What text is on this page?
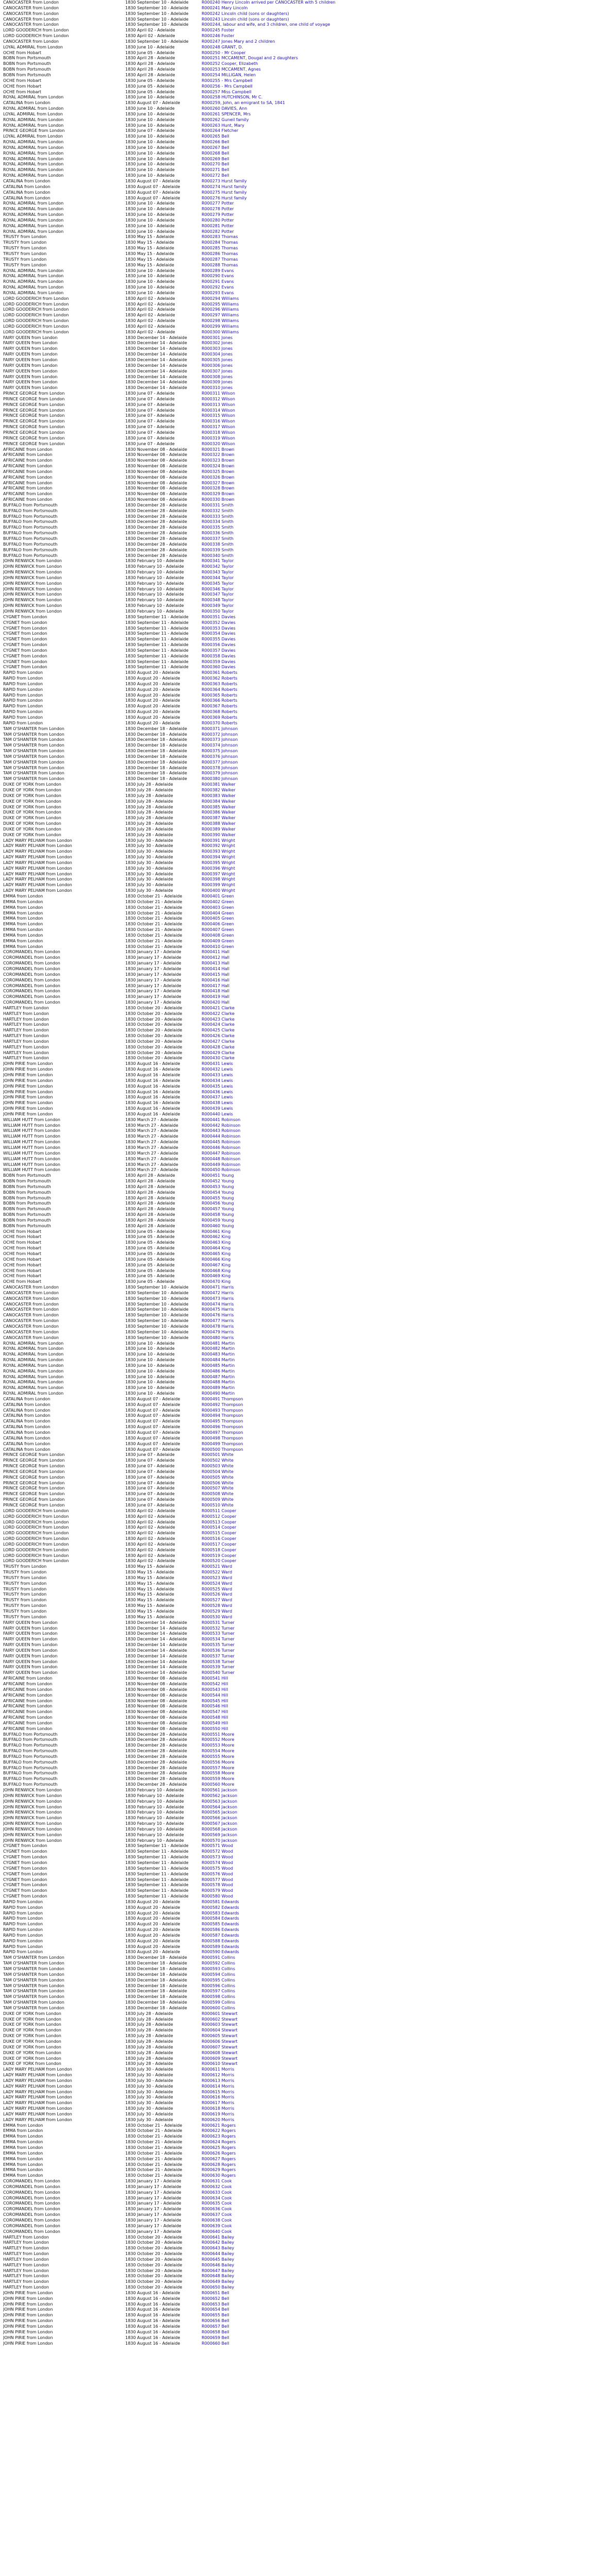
CANOCASTER from London	1830 September 10 - Adelaide	R000240 Henry Lincoln arrived per CANOCASTER with 5 children
CANOCASTER from London	1830 September 10 - Adelaide	R000241 Mary Lincoln
CANOCASTER from London	1830 September 10 - Adelaide	R000242 Lincoln child (sons or daughters)
CANOCASTER from London	1830 September 10 - Adelaide	R000243 Lincoln child (sons or daughters)
CANOCASTER from London	1830 September 10 - Adelaide	R000244, labour and wife, and 3 children, one child of voyage
LORD GOODERICH from London	1830 April 02 - Adelaide	R000245 Foster
LORD GOODERICH from London	1830 April 02 - Adelaide	R000246 Foster
CANOCASTER from London	1830 September 10 - Adelaide	R000247 Jones Mary and 2 children
LOYAL ADMIRAL from London	1830 June 10 - Adelaide	R000248 GRANT, D.
OCHE from Hobart	1830 June 05 - Adelaide	R000250 - Mr Cooper
BOBN from Portsmouth	1830 April 28 - Adelaide	R000251 MCCAMENT, Dougal and 2 daughters
BOBN from Portsmouth	1830 April 28 - Adelaide	R000252 Cooper, Elizabeth
BOBN from Portsmouth	1830 April 28 - Adelaide	R000253 MCCAMENT, Agnes
BOBN from Portsmouth	1830 April 28 - Adelaide	R000254 MILLIGAN, Helen
OCHE from Hobart	1830 June 05 - Adelaide	R000255 - Mrs Campbell
OCHE from Hobart	1830 June 05 - Adelaide	R000256 - Mrs Campbell
OCHE from Hobart	1830 June 05 - Adelaide	R000257 Miss Campbell
ROYAL ADMIRAL from London	1830 June 10 - Adelaide	R000258 HUTCHINSON, Mr C.
CATALINA from London	1830 August 07 - Adelaide	R000259, John, an emigrant to SA, 1841
ROYAL ADMIRAL from London	1830 June 10 - Adelaide	R000260 DAVIES, Ann
LOYAL ADMIRAL from London	1830 June 10 - Adelaide	R000261 SPENCER, Mrs
ROYAL ADMIRAL from London	1830 June 10 - Adelaide	R000262 Guneil family
ROYAL ADMIRAL from London	1830 June 10 - Adelaide	R000263 Hunt, Mary
PRINCE GEORGE from London	1830 June 07 - Adelaide	R000264 Fletcher
LOYAL ADMIRAL from London	1830 June 10 - Adelaide	R000265 Bell
ROYAL ADMIRAL from London	1830 June 10 - Adelaide	R000266 Bell
ROYAL ADMIRAL from London	1830 June 10 - Adelaide	R000267 Bell
ROYAL ADMIRAL from London	1830 June 10 - Adelaide	R000268 Bell
ROYAL ADMIRAL from London	1830 June 10 - Adelaide	R000269 Bell
ROYAL ADMIRAL from London	1830 June 10 - Adelaide	R000270 Bell
ROYAL ADMIRAL from London	1830 June 10 - Adelaide	R000271 Bell
ROYAL ADMIRAL from London	1830 June 10 - Adelaide	R000272 Bell
CATALINA from London	1830 August 07 - Adelaide	R000273 Hurst family
CATALINA from London	1830 August 07 - Adelaide	R000274 Hurst family
CATALINA from London	1830 August 07 - Adelaide	R000275 Hurst family
CATALINA from London	1830 August 07 - Adelaide	R000276 Hurst family
ROYAL ADMIRAL from London	1830 June 10 - Adelaide	R000277 Potter
ROYAL ADMIRAL from London	1830 June 10 - Adelaide	R000278 Potter
ROYAL ADMIRAL from London	1830 June 10 - Adelaide	R000279 Potter
ROYAL ADMIRAL from London	1830 June 10 - Adelaide	R000280 Potter
ROYAL ADMIRAL from London	1830 June 10 - Adelaide	R000281 Potter
ROYAL ADMIRAL from London	1830 June 10 - Adelaide	R000282 Potter
TRUSTY from London	1830 May 15 - Adelaide	R000283 Thomas
TRUSTY from London	1830 May 15 - Adelaide	R000284 Thomas
TRUSTY from London	1830 May 15 - Adelaide	R000285 Thomas
TRUSTY from London	1830 May 15 - Adelaide	R000286 Thomas
TRUSTY from London	1830 May 15 - Adelaide	R000287 Thomas
TRUSTY from London	1830 May 15 - Adelaide	R000288 Thomas
ROYAL ADMIRAL from London	1830 June 10 - Adelaide	R000289 Evans
ROYAL ADMIRAL from London	1830 June 10 - Adelaide	R000290 Evans
ROYAL ADMIRAL from London	1830 June 10 - Adelaide	R000291 Evans
ROYAL ADMIRAL from London	1830 June 10 - Adelaide	R000292 Evans
ROYAL ADMIRAL from London	1830 June 10 - Adelaide	R000293 Evans
LORD GOODERICH from London	1830 April 02 - Adelaide	R000294 Williams
LORD GOODERICH from London	1830 April 02 - Adelaide	R000295 Williams
LORD GOODERICH from London	1830 April 02 - Adelaide	R000296 Williams
LORD GOODERICH from London	1830 April 02 - Adelaide	R000297 Williams
LORD GOODERICH from London	1830 April 02 - Adelaide	R000298 Williams
LORD GOODERICH from London	1830 April 02 - Adelaide	R000299 Williams
LORD GOODERICH from London	1830 April 02 - Adelaide	R000300 Williams
FAIRY QUEEN from London	1830 December 14 - Adelaide	R000301 Jones
FAIRY QUEEN from London	1830 December 14 - Adelaide	R000302 Jones
FAIRY QUEEN from London	1830 December 14 - Adelaide	R000303 Jones
FAIRY QUEEN from London	1830 December 14 - Adelaide	R000304 Jones
FAIRY QUEEN from London	1830 December 14 - Adelaide	R000305 Jones
FAIRY QUEEN from London	1830 December 14 - Adelaide	R000306 Jones
FAIRY QUEEN from London	1830 December 14 - Adelaide	R000307 Jones
FAIRY QUEEN from London	1830 December 14 - Adelaide	R000308 Jones
FAIRY QUEEN from London	1830 December 14 - Adelaide	R000309 Jones
FAIRY QUEEN from London	1830 December 14 - Adelaide	R000310 Jones
PRINCE GEORGE from London	1830 June 07 - Adelaide	R000311 Wilson
PRINCE GEORGE from London	1830 June 07 - Adelaide	R000312 Wilson
PRINCE GEORGE from London	1830 June 07 - Adelaide	R000313 Wilson
PRINCE GEORGE from London	1830 June 07 - Adelaide	R000314 Wilson
PRINCE GEORGE from London	1830 June 07 - Adelaide	R000315 Wilson
PRINCE GEORGE from London	1830 June 07 - Adelaide	R000316 Wilson
PRINCE GEORGE from London	1830 June 07 - Adelaide	R000317 Wilson
PRINCE GEORGE from London	1830 June 07 - Adelaide	R000318 Wilson
PRINCE GEORGE from London	1830 June 07 - Adelaide	R000319 Wilson
PRINCE GEORGE from London	1830 June 07 - Adelaide	R000320 Wilson
AFRICAINE from London	1830 November 08 - Adelaide	R000321 Brown
AFRICAINE from London	1830 November 08 - Adelaide	R000322 Brown
AFRICAINE from London	1830 November 08 - Adelaide	R000323 Brown
AFRICAINE from London	1830 November 08 - Adelaide	R000324 Brown
AFRICAINE from London	1830 November 08 - Adelaide	R000325 Brown
AFRICAINE from London	1830 November 08 - Adelaide	R000326 Brown
AFRICAINE from London	1830 November 08 - Adelaide	R000327 Brown
AFRICAINE from London	1830 November 08 - Adelaide	R000328 Brown
AFRICAINE from London	1830 November 08 - Adelaide	R000329 Brown
AFRICAINE from London	1830 November 08 - Adelaide	R000330 Brown
BUFFALO from Portsmouth	1830 December 28 - Adelaide	R000331 Smith
BUFFALO from Portsmouth	1830 December 28 - Adelaide	R000332 Smith
BUFFALO from Portsmouth	1830 December 28 - Adelaide	R000333 Smith
BUFFALO from Portsmouth	1830 December 28 - Adelaide	R000334 Smith
BUFFALO from Portsmouth	1830 December 28 - Adelaide	R000335 Smith
BUFFALO from Portsmouth	1830 December 28 - Adelaide	R000336 Smith
BUFFALO from Portsmouth	1830 December 28 - Adelaide	R000337 Smith
BUFFALO from Portsmouth	1830 December 28 - Adelaide	R000338 Smith
BUFFALO from Portsmouth	1830 December 28 - Adelaide	R000339 Smith
BUFFALO from Portsmouth	1830 December 28 - Adelaide	R000340 Smith
JOHN RENWICK from London	1830 February 10 - Adelaide	R000341 Taylor
JOHN RENWICK from London	1830 February 10 - Adelaide	R000342 Taylor
JOHN RENWICK from London	1830 February 10 - Adelaide	R000343 Taylor
JOHN RENWICK from London	1830 February 10 - Adelaide	R000344 Taylor
JOHN RENWICK from London	1830 February 10 - Adelaide	R000345 Taylor
JOHN RENWICK from London	1830 February 10 - Adelaide	R000346 Taylor
JOHN RENWICK from London	1830 February 10 - Adelaide	R000347 Taylor
JOHN RENWICK from London	1830 February 10 - Adelaide	R000348 Taylor
JOHN RENWICK from London	1830 February 10 - Adelaide	R000349 Taylor
JOHN RENWICK from London	1830 February 10 - Adelaide	R000350 Taylor
CYGNET from London	1830 September 11 - Adelaide	R000351 Davies
CYGNET from London	1830 September 11 - Adelaide	R000352 Davies
CYGNET from London	1830 September 11 - Adelaide	R000353 Davies
CYGNET from London	1830 September 11 - Adelaide	R000354 Davies
CYGNET from London	1830 September 11 - Adelaide	R000355 Davies
CYGNET from London	1830 September 11 - Adelaide	R000356 Davies
CYGNET from London	1830 September 11 - Adelaide	R000357 Davies
CYGNET from London	1830 September 11 - Adelaide	R000358 Davies
CYGNET from London	1830 September 11 - Adelaide	R000359 Davies
CYGNET from London	1830 September 11 - Adelaide	R000360 Davies
RAPID from London	1830 August 20 - Adelaide	R000361 Roberts
RAPID from London	1830 August 20 - Adelaide	R000362 Roberts
RAPID from London	1830 August 20 - Adelaide	R000363 Roberts
RAPID from London	1830 August 20 - Adelaide	R000364 Roberts
RAPID from London	1830 August 20 - Adelaide	R000365 Roberts
RAPID from London	1830 August 20 - Adelaide	R000366 Roberts
RAPID from London	1830 August 20 - Adelaide	R000367 Roberts
RAPID from London	1830 August 20 - Adelaide	R000368 Roberts
RAPID from London	1830 August 20 - Adelaide	R000369 Roberts
RAPID from London	1830 August 20 - Adelaide	R000370 Roberts
TAM O'SHANTER from London	1830 December 18 - Adelaide	R000371 Johnson
TAM O'SHANTER from London	1830 December 18 - Adelaide	R000372 Johnson
TAM O'SHANTER from London	1830 December 18 - Adelaide	R000373 Johnson
TAM O'SHANTER from London	1830 December 18 - Adelaide	R000374 Johnson
TAM O'SHANTER from London	1830 December 18 - Adelaide	R000375 Johnson
TAM O'SHANTER from London	1830 December 18 - Adelaide	R000376 Johnson
TAM O'SHANTER from London	1830 December 18 - Adelaide	R000377 Johnson
TAM O'SHANTER from London	1830 December 18 - Adelaide	R000378 Johnson
TAM O'SHANTER from London	1830 December 18 - Adelaide	R000379 Johnson
TAM O'SHANTER from London	1830 December 18 - Adelaide	R000380 Johnson
DUKE OF YORK from London	1830 July 28 - Adelaide	R000381 Walker
DUKE OF YORK from London	1830 July 28 - Adelaide	R000382 Walker
DUKE OF YORK from London	1830 July 28 - Adelaide	R000383 Walker
DUKE OF YORK from London	1830 July 28 - Adelaide	R000384 Walker
DUKE OF YORK from London	1830 July 28 - Adelaide	R000385 Walker
DUKE OF YORK from London	1830 July 28 - Adelaide	R000386 Walker
DUKE OF YORK from London	1830 July 28 - Adelaide	R000387 Walker
DUKE OF YORK from London	1830 July 28 - Adelaide	R000388 Walker
DUKE OF YORK from London	1830 July 28 - Adelaide	R000389 Walker
DUKE OF YORK from London	1830 July 28 - Adelaide	R000390 Walker
LADY MARY PELHAM from London	1830 July 30 - Adelaide	R000391 Wright
LADY MARY PELHAM from London	1830 July 30 - Adelaide	R000392 Wright
LADY MARY PELHAM from London	1830 July 30 - Adelaide	R000393 Wright
LADY MARY PELHAM from London	1830 July 30 - Adelaide	R000394 Wright
LADY MARY PELHAM from London	1830 July 30 - Adelaide	R000395 Wright
LADY MARY PELHAM from London	1830 July 30 - Adelaide	R000396 Wright
LADY MARY PELHAM from London	1830 July 30 - Adelaide	R000397 Wright
LADY MARY PELHAM from London	1830 July 30 - Adelaide	R000398 Wright
LADY MARY PELHAM from London	1830 July 30 - Adelaide	R000399 Wright
LADY MARY PELHAM from London	1830 July 30 - Adelaide	R000400 Wright
EMMA from London	1830 October 21 - Adelaide	R000401 Green
EMMA from London	1830 October 21 - Adelaide	R000402 Green
EMMA from London	1830 October 21 - Adelaide	R000403 Green
EMMA from London	1830 October 21 - Adelaide	R000404 Green
EMMA from London	1830 October 21 - Adelaide	R000405 Green
EMMA from London	1830 October 21 - Adelaide	R000406 Green
EMMA from London	1830 October 21 - Adelaide	R000407 Green
EMMA from London	1830 October 21 - Adelaide	R000408 Green
EMMA from London	1830 October 21 - Adelaide	R000409 Green
EMMA from London	1830 October 21 - Adelaide	R000410 Green
COROMANDEL from London	1830 January 17 - Adelaide	R000411 Hall
COROMANDEL from London	1830 January 17 - Adelaide	R000412 Hall
COROMANDEL from London	1830 January 17 - Adelaide	R000413 Hall
COROMANDEL from London	1830 January 17 - Adelaide	R000414 Hall
COROMANDEL from London	1830 January 17 - Adelaide	R000415 Hall
COROMANDEL from London	1830 January 17 - Adelaide	R000416 Hall
COROMANDEL from London	1830 January 17 - Adelaide	R000417 Hall
COROMANDEL from London	1830 January 17 - Adelaide	R000418 Hall
COROMANDEL from London	1830 January 17 - Adelaide	R000419 Hall
COROMANDEL from London	1830 January 17 - Adelaide	R000420 Hall
HARTLEY from London	1830 October 20 - Adelaide	R000421 Clarke
HARTLEY from London	1830 October 20 - Adelaide	R000422 Clarke
HARTLEY from London	1830 October 20 - Adelaide	R000423 Clarke
HARTLEY from London	1830 October 20 - Adelaide	R000424 Clarke
HARTLEY from London	1830 October 20 - Adelaide	R000425 Clarke
HARTLEY from London	1830 October 20 - Adelaide	R000426 Clarke
HARTLEY from London	1830 October 20 - Adelaide	R000427 Clarke
HARTLEY from London	1830 October 20 - Adelaide	R000428 Clarke
HARTLEY from London	1830 October 20 - Adelaide	R000429 Clarke
HARTLEY from London	1830 October 20 - Adelaide	R000430 Clarke
JOHN PIRIE from London	1830 August 16 - Adelaide	R000431 Lewis
JOHN PIRIE from London	1830 August 16 - Adelaide	R000432 Lewis
JOHN PIRIE from London	1830 August 16 - Adelaide	R000433 Lewis
JOHN PIRIE from London	1830 August 16 - Adelaide	R000434 Lewis
JOHN PIRIE from London	1830 August 16 - Adelaide	R000435 Lewis
JOHN PIRIE from London	1830 August 16 - Adelaide	R000436 Lewis
JOHN PIRIE from London	1830 August 16 - Adelaide	R000437 Lewis
JOHN PIRIE from London	1830 August 16 - Adelaide	R000438 Lewis
JOHN PIRIE from London	1830 August 16 - Adelaide	R000439 Lewis
JOHN PIRIE from London	1830 August 16 - Adelaide	R000440 Lewis
WILLIAM HUTT from London	1830 March 27 - Adelaide	R000441 Robinson
WILLIAM HUTT from London	1830 March 27 - Adelaide	R000442 Robinson
WILLIAM HUTT from London	1830 March 27 - Adelaide	R000443 Robinson
WILLIAM HUTT from London	1830 March 27 - Adelaide	R000444 Robinson
WILLIAM HUTT from London	1830 March 27 - Adelaide	R000445 Robinson
WILLIAM HUTT from London	1830 March 27 - Adelaide	R000446 Robinson
WILLIAM HUTT from London	1830 March 27 - Adelaide	R000447 Robinson
WILLIAM HUTT from London	1830 March 27 - Adelaide	R000448 Robinson
WILLIAM HUTT from London	1830 March 27 - Adelaide	R000449 Robinson
WILLIAM HUTT from London	1830 March 27 - Adelaide	R000450 Robinson
BOBN from Portsmouth	1830 April 28 - Adelaide	R000451 Young
BOBN from Portsmouth	1830 April 28 - Adelaide	R000452 Young
BOBN from Portsmouth	1830 April 28 - Adelaide	R000453 Young
BOBN from Portsmouth	1830 April 28 - Adelaide	R000454 Young
BOBN from Portsmouth	1830 April 28 - Adelaide	R000455 Young
BOBN from Portsmouth	1830 April 28 - Adelaide	R000456 Young
BOBN from Portsmouth	1830 April 28 - Adelaide	R000457 Young
BOBN from Portsmouth	1830 April 28 - Adelaide	R000458 Young
BOBN from Portsmouth	1830 April 28 - Adelaide	R000459 Young
BOBN from Portsmouth	1830 April 28 - Adelaide	R000460 Young
OCHE from Hobart	1830 June 05 - Adelaide	R000461 King
OCHE from Hobart	1830 June 05 - Adelaide	R000462 King
OCHE from Hobart	1830 June 05 - Adelaide	R000463 King
OCHE from Hobart	1830 June 05 - Adelaide	R000464 King
OCHE from Hobart	1830 June 05 - Adelaide	R000465 King
OCHE from Hobart	1830 June 05 - Adelaide	R000466 King
OCHE from Hobart	1830 June 05 - Adelaide	R000467 King
OCHE from Hobart	1830 June 05 - Adelaide	R000468 King
OCHE from Hobart	1830 June 05 - Adelaide	R000469 King
OCHE from Hobart	1830 June 05 - Adelaide	R000470 King
CANOCASTER from London	1830 September 10 - Adelaide	R000471 Harris
CANOCASTER from London	1830 September 10 - Adelaide	R000472 Harris
CANOCASTER from London	1830 September 10 - Adelaide	R000473 Harris
CANOCASTER from London	1830 September 10 - Adelaide	R000474 Harris
CANOCASTER from London	1830 September 10 - Adelaide	R000475 Harris
CANOCASTER from London	1830 September 10 - Adelaide	R000476 Harris
CANOCASTER from London	1830 September 10 - Adelaide	R000477 Harris
CANOCASTER from London	1830 September 10 - Adelaide	R000478 Harris
CANOCASTER from London	1830 September 10 - Adelaide	R000479 Harris
CANOCASTER from London	1830 September 10 - Adelaide	R000480 Harris
ROYAL ADMIRAL from London	1830 June 10 - Adelaide	R000481 Martin
ROYAL ADMIRAL from London	1830 June 10 - Adelaide	R000482 Martin
ROYAL ADMIRAL from London	1830 June 10 - Adelaide	R000483 Martin
ROYAL ADMIRAL from London	1830 June 10 - Adelaide	R000484 Martin
ROYAL ADMIRAL from London	1830 June 10 - Adelaide	R000485 Martin
ROYAL ADMIRAL from London	1830 June 10 - Adelaide	R000486 Martin
ROYAL ADMIRAL from London	1830 June 10 - Adelaide	R000487 Martin
ROYAL ADMIRAL from London	1830 June 10 - Adelaide	R000488 Martin
ROYAL ADMIRAL from London	1830 June 10 - Adelaide	R000489 Martin
ROYAL ADMIRAL from London	1830 June 10 - Adelaide	R000490 Martin
CATALINA from London	1830 August 07 - Adelaide	R000491 Thompson
CATALINA from London	1830 August 07 - Adelaide	R000492 Thompson
CATALINA from London	1830 August 07 - Adelaide	R000493 Thompson
CATALINA from London	1830 August 07 - Adelaide	R000494 Thompson
CATALINA from London	1830 August 07 - Adelaide	R000495 Thompson
CATALINA from London	1830 August 07 - Adelaide	R000496 Thompson
CATALINA from London	1830 August 07 - Adelaide	R000497 Thompson
CATALINA from London	1830 August 07 - Adelaide	R000498 Thompson
CATALINA from London	1830 August 07 - Adelaide	R000499 Thompson
CATALINA from London	1830 August 07 - Adelaide	R000500 Thompson
PRINCE GEORGE from London	1830 June 07 - Adelaide	R000501 White
PRINCE GEORGE from London	1830 June 07 - Adelaide	R000502 White
PRINCE GEORGE from London	1830 June 07 - Adelaide	R000503 White
PRINCE GEORGE from London	1830 June 07 - Adelaide	R000504 White
PRINCE GEORGE from London	1830 June 07 - Adelaide	R000505 White
PRINCE GEORGE from London	1830 June 07 - Adelaide	R000506 White
PRINCE GEORGE from London	1830 June 07 - Adelaide	R000507 White
PRINCE GEORGE from London	1830 June 07 - Adelaide	R000508 White
PRINCE GEORGE from London	1830 June 07 - Adelaide	R000509 White
PRINCE GEORGE from London	1830 June 07 - Adelaide	R000510 White
LORD GOODERICH from London	1830 April 02 - Adelaide	R000511 Cooper
LORD GOODERICH from London	1830 April 02 - Adelaide	R000512 Cooper
LORD GOODERICH from London	1830 April 02 - Adelaide	R000513 Cooper
LORD GOODERICH from London	1830 April 02 - Adelaide	R000514 Cooper
LORD GOODERICH from London	1830 April 02 - Adelaide	R000515 Cooper
LORD GOODERICH from London	1830 April 02 - Adelaide	R000516 Cooper
LORD GOODERICH from London	1830 April 02 - Adelaide	R000517 Cooper
LORD GOODERICH from London	1830 April 02 - Adelaide	R000518 Cooper
LORD GOODERICH from London	1830 April 02 - Adelaide	R000519 Cooper
LORD GOODERICH from London	1830 April 02 - Adelaide	R000520 Cooper
TRUSTY from London	1830 May 15 - Adelaide	R000521 Ward
TRUSTY from London	1830 May 15 - Adelaide	R000522 Ward
TRUSTY from London	1830 May 15 - Adelaide	R000523 Ward
TRUSTY from London	1830 May 15 - Adelaide	R000524 Ward
TRUSTY from London	1830 May 15 - Adelaide	R000525 Ward
TRUSTY from London	1830 May 15 - Adelaide	R000526 Ward
TRUSTY from London	1830 May 15 - Adelaide	R000527 Ward
TRUSTY from London	1830 May 15 - Adelaide	R000528 Ward
TRUSTY from London	1830 May 15 - Adelaide	R000529 Ward
TRUSTY from London	1830 May 15 - Adelaide	R000530 Ward
FAIRY QUEEN from London	1830 December 14 - Adelaide	R000531 Turner
FAIRY QUEEN from London	1830 December 14 - Adelaide	R000532 Turner
FAIRY QUEEN from London	1830 December 14 - Adelaide	R000533 Turner
FAIRY QUEEN from London	1830 December 14 - Adelaide	R000534 Turner
FAIRY QUEEN from London	1830 December 14 - Adelaide	R000535 Turner
FAIRY QUEEN from London	1830 December 14 - Adelaide	R000536 Turner
FAIRY QUEEN from London	1830 December 14 - Adelaide	R000537 Turner
FAIRY QUEEN from London	1830 December 14 - Adelaide	R000538 Turner
FAIRY QUEEN from London	1830 December 14 - Adelaide	R000539 Turner
FAIRY QUEEN from London	1830 December 14 - Adelaide	R000540 Turner
AFRICAINE from London	1830 November 08 - Adelaide	R000541 Hill
AFRICAINE from London	1830 November 08 - Adelaide	R000542 Hill
AFRICAINE from London	1830 November 08 - Adelaide	R000543 Hill
AFRICAINE from London	1830 November 08 - Adelaide	R000544 Hill
AFRICAINE from London	1830 November 08 - Adelaide	R000545 Hill
AFRICAINE from London	1830 November 08 - Adelaide	R000546 Hill
AFRICAINE from London	1830 November 08 - Adelaide	R000547 Hill
AFRICAINE from London	1830 November 08 - Adelaide	R000548 Hill
AFRICAINE from London	1830 November 08 - Adelaide	R000549 Hill
AFRICAINE from London	1830 November 08 - Adelaide	R000550 Hill
BUFFALO from Portsmouth	1830 December 28 - Adelaide	R000551 Moore
BUFFALO from Portsmouth	1830 December 28 - Adelaide	R000552 Moore
BUFFALO from Portsmouth	1830 December 28 - Adelaide	R000553 Moore
BUFFALO from Portsmouth	1830 December 28 - Adelaide	R000554 Moore
BUFFALO from Portsmouth	1830 December 28 - Adelaide	R000555 Moore
BUFFALO from Portsmouth	1830 December 28 - Adelaide	R000556 Moore
BUFFALO from Portsmouth	1830 December 28 - Adelaide	R000557 Moore
BUFFALO from Portsmouth	1830 December 28 - Adelaide	R000558 Moore
BUFFALO from Portsmouth	1830 December 28 - Adelaide	R000559 Moore
BUFFALO from Portsmouth	1830 December 28 - Adelaide	R000560 Moore
JOHN RENWICK from London	1830 February 10 - Adelaide	R000561 Jackson
JOHN RENWICK from London	1830 February 10 - Adelaide	R000562 Jackson
JOHN RENWICK from London	1830 February 10 - Adelaide	R000563 Jackson
JOHN RENWICK from London	1830 February 10 - Adelaide	R000564 Jackson
JOHN RENWICK from London	1830 February 10 - Adelaide	R000565 Jackson
JOHN RENWICK from London	1830 February 10 - Adelaide	R000566 Jackson
JOHN RENWICK from London	1830 February 10 - Adelaide	R000567 Jackson
JOHN RENWICK from London	1830 February 10 - Adelaide	R000568 Jackson
JOHN RENWICK from London	1830 February 10 - Adelaide	R000569 Jackson
JOHN RENWICK from London	1830 February 10 - Adelaide	R000570 Jackson
CYGNET from London	1830 September 11 - Adelaide	R000571 Wood
CYGNET from London	1830 September 11 - Adelaide	R000572 Wood
CYGNET from London	1830 September 11 - Adelaide	R000573 Wood
CYGNET from London	1830 September 11 - Adelaide	R000574 Wood
CYGNET from London	1830 September 11 - Adelaide	R000575 Wood
CYGNET from London	1830 September 11 - Adelaide	R000576 Wood
CYGNET from London	1830 September 11 - Adelaide	R000577 Wood
CYGNET from London	1830 September 11 - Adelaide	R000578 Wood
CYGNET from London	1830 September 11 - Adelaide	R000579 Wood
CYGNET from London	1830 September 11 - Adelaide	R000580 Wood
RAPID from London	1830 August 20 - Adelaide	R000581 Edwards
RAPID from London	1830 August 20 - Adelaide	R000582 Edwards
RAPID from London	1830 August 20 - Adelaide	R000583 Edwards
RAPID from London	1830 August 20 - Adelaide	R000584 Edwards
RAPID from London	1830 August 20 - Adelaide	R000585 Edwards
RAPID from London	1830 August 20 - Adelaide	R000586 Edwards
RAPID from London	1830 August 20 - Adelaide	R000587 Edwards
RAPID from London	1830 August 20 - Adelaide	R000588 Edwards
RAPID from London	1830 August 20 - Adelaide	R000589 Edwards
RAPID from London	1830 August 20 - Adelaide	R000590 Edwards
TAM O'SHANTER from London	1830 December 18 - Adelaide	R000591 Collins
TAM O'SHANTER from London	1830 December 18 - Adelaide	R000592 Collins
TAM O'SHANTER from London	1830 December 18 - Adelaide	R000593 Collins
TAM O'SHANTER from London	1830 December 18 - Adelaide	R000594 Collins
TAM O'SHANTER from London	1830 December 18 - Adelaide	R000595 Collins
TAM O'SHANTER from London	1830 December 18 - Adelaide	R000596 Collins
TAM O'SHANTER from London	1830 December 18 - Adelaide	R000597 Collins
TAM O'SHANTER from London	1830 December 18 - Adelaide	R000598 Collins
TAM O'SHANTER from London	1830 December 18 - Adelaide	R000599 Collins
TAM O'SHANTER from London	1830 December 18 - Adelaide	R000600 Collins
DUKE OF YORK from London	1830 July 28 - Adelaide	R000601 Stewart
DUKE OF YORK from London	1830 July 28 - Adelaide	R000602 Stewart
DUKE OF YORK from London	1830 July 28 - Adelaide	R000603 Stewart
DUKE OF YORK from London	1830 July 28 - Adelaide	R000604 Stewart
DUKE OF YORK from London	1830 July 28 - Adelaide	R000605 Stewart
DUKE OF YORK from London	1830 July 28 - Adelaide	R000606 Stewart
DUKE OF YORK from London	1830 July 28 - Adelaide	R000607 Stewart
DUKE OF YORK from London	1830 July 28 - Adelaide	R000608 Stewart
DUKE OF YORK from London	1830 July 28 - Adelaide	R000609 Stewart
DUKE OF YORK from London	1830 July 28 - Adelaide	R000610 Stewart
LADY MARY PELHAM from London	1830 July 30 - Adelaide	R000611 Morris
LADY MARY PELHAM from London	1830 July 30 - Adelaide	R000612 Morris
LADY MARY PELHAM from London	1830 July 30 - Adelaide	R000613 Morris
LADY MARY PELHAM from London	1830 July 30 - Adelaide	R000614 Morris
LADY MARY PELHAM from London	1830 July 30 - Adelaide	R000615 Morris
LADY MARY PELHAM from London	1830 July 30 - Adelaide	R000616 Morris
LADY MARY PELHAM from London	1830 July 30 - Adelaide	R000617 Morris
LADY MARY PELHAM from London	1830 July 30 - Adelaide	R000618 Morris
LADY MARY PELHAM from London	1830 July 30 - Adelaide	R000619 Morris
LADY MARY PELHAM from London	1830 July 30 - Adelaide	R000620 Morris
EMMA from London	1830 October 21 - Adelaide	R000621 Rogers
EMMA from London	1830 October 21 - Adelaide	R000622 Rogers
EMMA from London	1830 October 21 - Adelaide	R000623 Rogers
EMMA from London	1830 October 21 - Adelaide	R000624 Rogers
EMMA from London	1830 October 21 - Adelaide	R000625 Rogers
EMMA from London	1830 October 21 - Adelaide	R000626 Rogers
EMMA from London	1830 October 21 - Adelaide	R000627 Rogers
EMMA from London	1830 October 21 - Adelaide	R000628 Rogers
EMMA from London	1830 October 21 - Adelaide	R000629 Rogers
EMMA from London	1830 October 21 - Adelaide	R000630 Rogers
COROMANDEL from London	1830 January 17 - Adelaide	R000631 Cook
COROMANDEL from London	1830 January 17 - Adelaide	R000632 Cook
COROMANDEL from London	1830 January 17 - Adelaide	R000633 Cook
COROMANDEL from London	1830 January 17 - Adelaide	R000634 Cook
COROMANDEL from London	1830 January 17 - Adelaide	R000635 Cook
COROMANDEL from London	1830 January 17 - Adelaide	R000636 Cook
COROMANDEL from London	1830 January 17 - Adelaide	R000637 Cook
COROMANDEL from London	1830 January 17 - Adelaide	R000638 Cook
COROMANDEL from London	1830 January 17 - Adelaide	R000639 Cook
COROMANDEL from London	1830 January 17 - Adelaide	R000640 Cook
HARTLEY from London	1830 October 20 - Adelaide	R000641 Bailey
HARTLEY from London	1830 October 20 - Adelaide	R000642 Bailey
HARTLEY from London	1830 October 20 - Adelaide	R000643 Bailey
HARTLEY from London	1830 October 20 - Adelaide	R000644 Bailey
HARTLEY from London	1830 October 20 - Adelaide	R000645 Bailey
HARTLEY from London	1830 October 20 - Adelaide	R000646 Bailey
HARTLEY from London	1830 October 20 - Adelaide	R000647 Bailey
HARTLEY from London	1830 October 20 - Adelaide	R000648 Bailey
HARTLEY from London	1830 October 20 - Adelaide	R000649 Bailey
HARTLEY from London	1830 October 20 - Adelaide	R000650 Bailey
JOHN PIRIE from London	1830 August 16 - Adelaide	R000651 Bell
JOHN PIRIE from London	1830 August 16 - Adelaide	R000652 Bell
JOHN PIRIE from London	1830 August 16 - Adelaide	R000653 Bell
JOHN PIRIE from London	1830 August 16 - Adelaide	R000654 Bell
JOHN PIRIE from London	1830 August 16 - Adelaide	R000655 Bell
JOHN PIRIE from London	1830 August 16 - Adelaide	R000656 Bell
JOHN PIRIE from London	1830 August 16 - Adelaide	R000657 Bell
JOHN PIRIE from London	1830 August 16 - Adelaide	R000658 Bell
JOHN PIRIE from London	1830 August 16 - Adelaide	R000659 Bell
JOHN PIRIE from London	1830 August 16 - Adelaide	R000660 Bell
